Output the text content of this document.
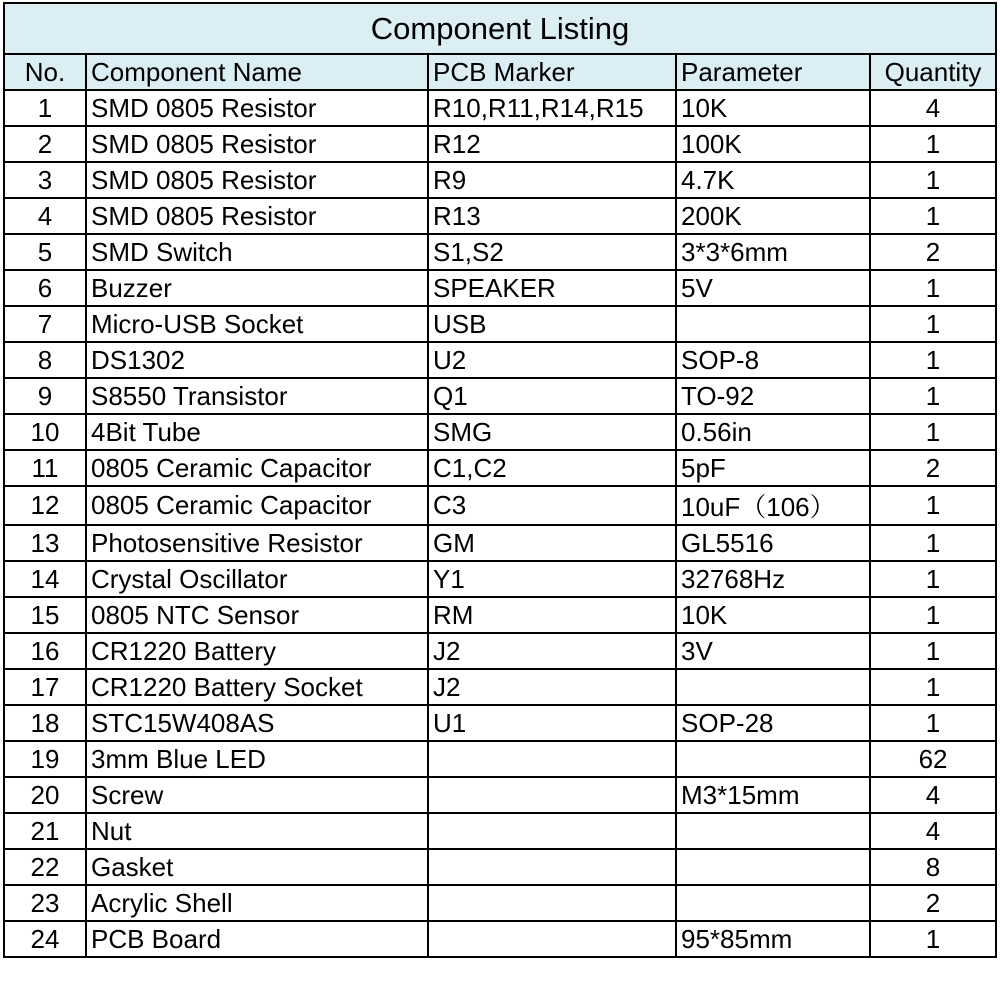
Component Listing				
No.	Component Name	PCB Marker	Parameter	Quantity
1	SMD 0805 Resistor	R10,R11,R14,R15	10K	4
2	SMD 0805 Resistor	R12	100K	1
3	SMD 0805 Resistor	R9	4.7K	1
4	SMD 0805 Resistor	R13	200K	1
5	SMD Switch	S1,S2	3*3*6mm	2
6	Buzzer	SPEAKER	5V	1
7	Micro-USB Socket	USB		1
8	DS1302	U2	SOP-8	1
9	S8550 Transistor	Q1	TO-92	1
10	4Bit Tube	SMG	0.56in	1
11	0805 Ceramic Capacitor	C1,C2	5pF	2
12	0805 Ceramic Capacitor	C3	10uF（106）	1
13	Photosensitive Resistor	GM	GL5516	1
14	Crystal Oscillator	Y1	32768Hz	1
15	0805 NTC Sensor	RM	10K	1
16	CR1220 Battery	J2	3V	1
17	CR1220 Battery Socket	J2		1
18	STC15W408AS	U1	SOP-28	1
19	3mm Blue LED			62
20	Screw		M3*15mm	4
21	Nut			4
22	Gasket			8
23	Acrylic Shell			2
24	PCB Board		95*85mm	1
